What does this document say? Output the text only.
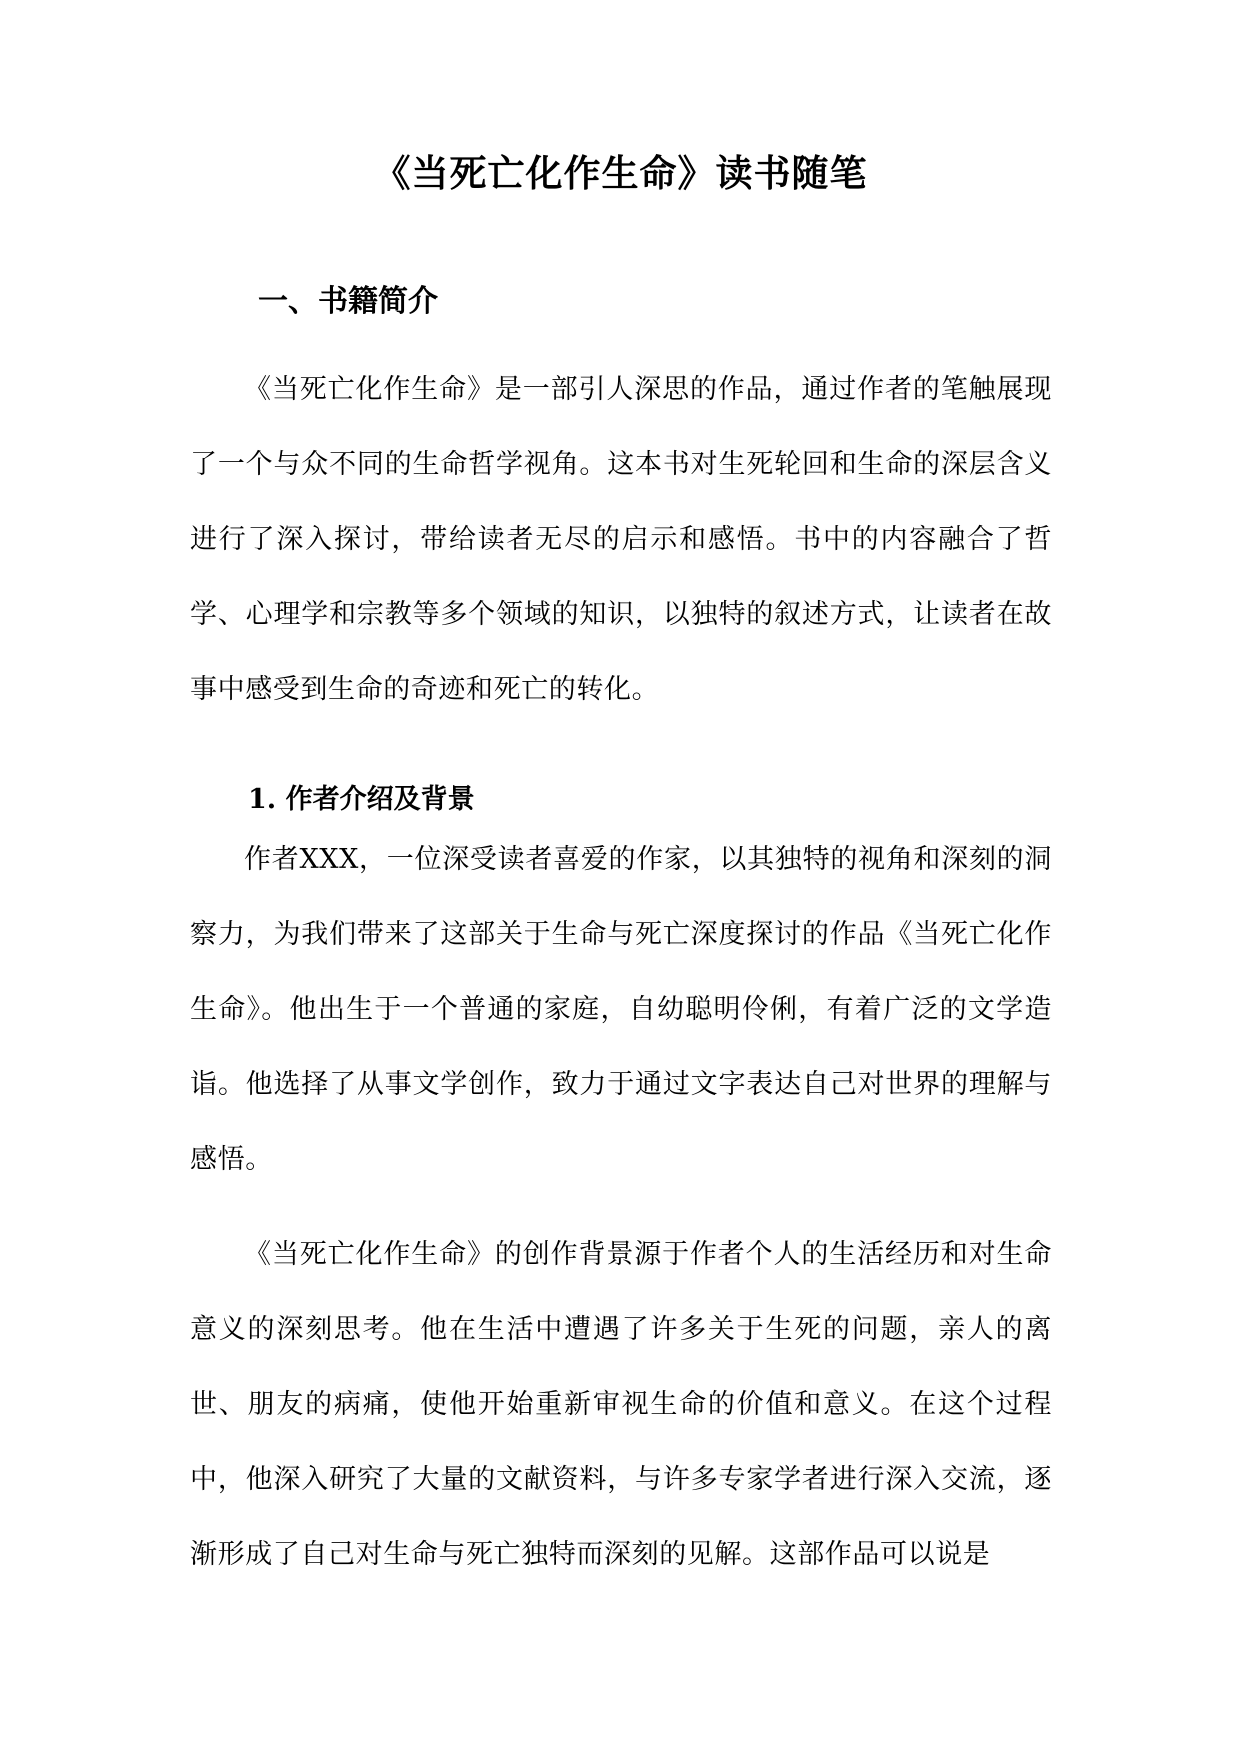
《当死亡化作生命》读书随笔
一、书籍简介

《当死亡化作生命》是一部引人深思的作品，通过作者的笔触展现了一个与众不同的生命哲学视角。这本书对生死轮回和生命的深层含义进行了深入探讨，带给读者无尽的启示和感悟。书中的内容融合了哲学、心理学和宗教等多个领域的知识，以独特的叙述方式，让读者在故事中感受到生命的奇迹和死亡的转化。

1. 作者介绍及背景

作者XXX，一位深受读者喜爱的作家，以其独特的视角和深刻的洞察力，为我们带来了这部关于生命与死亡深度探讨的作品《当死亡化作生命》。他出生于一个普通的家庭，自幼聪明伶俐，有着广泛的文学造诣。他选择了从事文学创作，致力于通过文字表达自己对世界的理解与感悟。

《当死亡化作生命》的创作背景源于作者个人的生活经历和对生命意义的深刻思考。他在生活中遭遇了许多关于生死的问题，亲人的离世、朋友的病痛，使他开始重新审视生命的价值和意义。在这个过程中，他深入研究了大量的文献资料，与许多专家学者进行深入交流，逐渐形成了自己对生命与死亡独特而深刻的见解。这部作品可以说是
